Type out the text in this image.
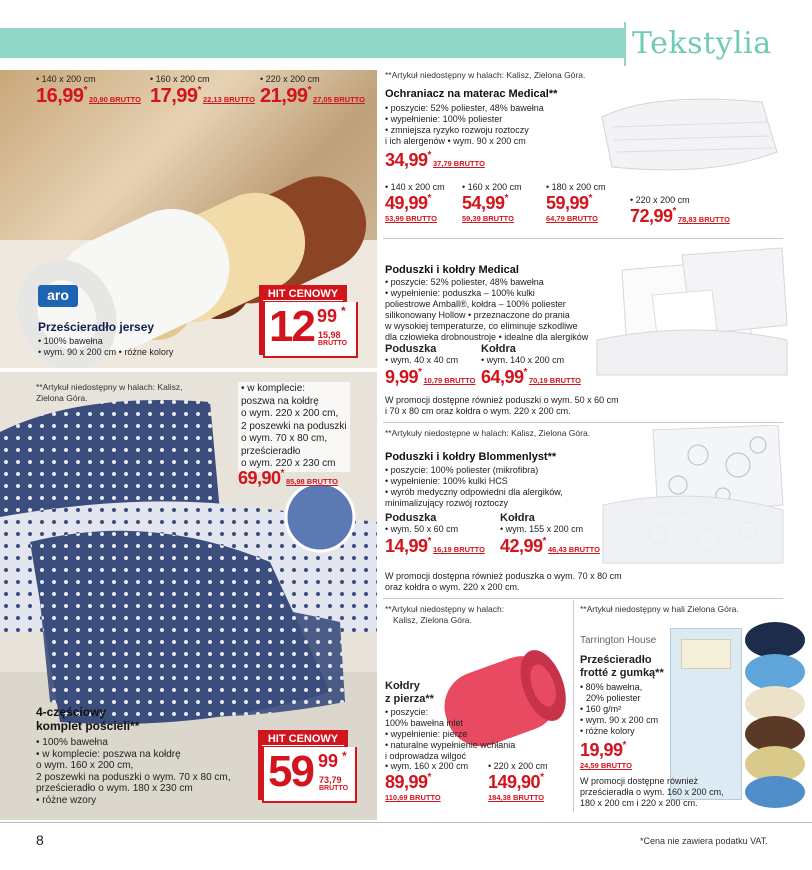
Tekstylia
• 140 x 200 cm
16,99*20,90 BRUTTO
• 160 x 200 cm
17,99*22,13 BRUTTO
• 220 x 200 cm
21,99*27,05 BRUTTO
aro
Prześcieradło jersey
• 100% bawełna
• wym. 90 x 200 cm • różne kolory
HIT CENOWY
12 99 *
15,98
BRUTTO
**Artykuł niedostępny w halach: Kalisz, Zielona Góra.
• w komplecie:
poszwa na kołdrę
o wym. 220 x 200 cm,
2 poszewki na poduszki
o wym. 70 x 80 cm,
prześcieradło
o wym. 220 x 230 cm
69,90*85,98 BRUTTO
4-częściowy
komplet pościeli**
• 100% bawełna
• w komplecie: poszwa na kołdrę
o wym. 160 x 200 cm,
2 poszewki na poduszki o wym. 70 x 80 cm,
prześcieradło o wym. 180 x 230 cm
• różne wzory
HIT CENOWY
59 99 *
73,79
BRUTTO
**Artykuł niedostępny w halach: Kalisz, Zielona Góra.
Ochraniacz na materac Medical**
• poszycie: 52% poliester, 48% bawełna
• wypełnienie: 100% poliester
• zmniejsza ryzyko rozwoju roztoczy
i ich alergenów • wym. 90 x 200 cm
34,99*37,79 BRUTTO
• 140 x 200 cm
49,99*
53,99 BRUTTO
• 160 x 200 cm
54,99*
59,39 BRUTTO
• 180 x 200 cm
59,99*
64,79 BRUTTO
• 220 x 200 cm
72,99*78,83 BRUTTO
Poduszki i kołdry Medical
• poszycie: 52% poliester, 48% bawełna
• wypełnienie: poduszka – 100% kulki
poliestrowe Amball®, kołdra – 100% poliester
silikonowany Hollow • przeznaczone do prania
w wysokiej temperaturze, co eliminuje szkodliwe
dla człowieka drobnoustroje • idealne dla alergików
Poduszka
• wym. 40 x 40 cm
9,99*10,79 BRUTTO
Kołdra
• wym. 140 x 200 cm
64,99*70,19 BRUTTO
W promocji dostępne również poduszki o wym. 50 x 60 cm
i 70 x 80 cm oraz kołdra o wym. 220 x 200 cm.
**Artykuły niedostępne w halach: Kalisz, Zielona Góra.
Poduszki i kołdry Blommenlyst**
• poszycie: 100% poliester (mikrofibra)
• wypełnienie: 100% kulki HCS
• wyrób medyczny odpowiedni dla alergików,
minimalizujący rozwój roztoczy
Poduszka
• wym. 50 x 60 cm
14,99*16,19 BRUTTO
Kołdra
• wym. 155 x 200 cm
42,99*46,43 BRUTTO
W promocji dostępna również poduszka o wym. 70 x 80 cm
oraz kołdra o wym. 220 x 200 cm.
**Artykuł niedostępny w halach:
Kalisz, Zielona Góra.
Kołdry
z pierza**
• poszycie:
100% bawełna inlet
• wypełnienie: pierze
• naturalne wypełnienie wchłania
i odprowadza wilgoć
• wym. 160 x 200 cm
89,99*
110,69 BRUTTO
• 220 x 200 cm
149,90*
184,38 BRUTTO
**Artykuł niedostępny w hali Zielona Góra.
Tarrington House
Prześcieradło
frotté z gumką**
• 80% bawełna,
20% poliester
• 160 g/m²
• wym. 90 x 200 cm
• różne kolory
19,99*
24,59 BRUTTO
W promocji dostępne również
prześcieradła o wym. 160 x 200 cm,
180 x 200 cm i 220 x 200 cm.
8	*Cena nie zawiera podatku VAT.
